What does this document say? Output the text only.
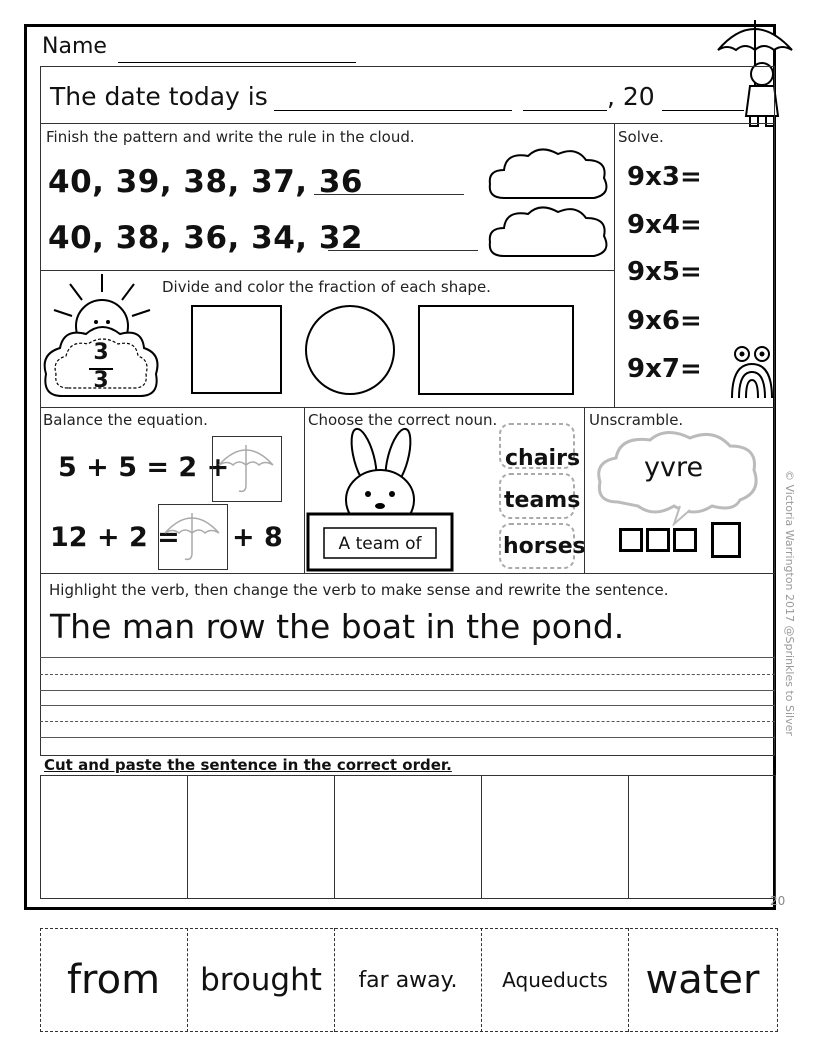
Name
The date today is	, 20
Finish the pattern and write the rule in the cloud.
40, 39, 38, 37, 36
40, 38, 36, 34, 32
Solve.
9x3=
9x4=
9x5=
9x6=
9x7=
Divide and color the fraction of each shape.
3
3
Balance the equation.
5 + 5 = 2 +
12 + 2 = + 8
Choose the correct noun.
A team of
chairs
teams
horses
Unscramble.
yvre
Highlight the verb, then change the verb to make sense and rewrite the sentence.
The man row the boat in the pond.	© Victoria Warrington 2017 @Sprinkles to Silver
Cut and paste the sentence in the correct order.
20
from brought far away. Aqueducts water
